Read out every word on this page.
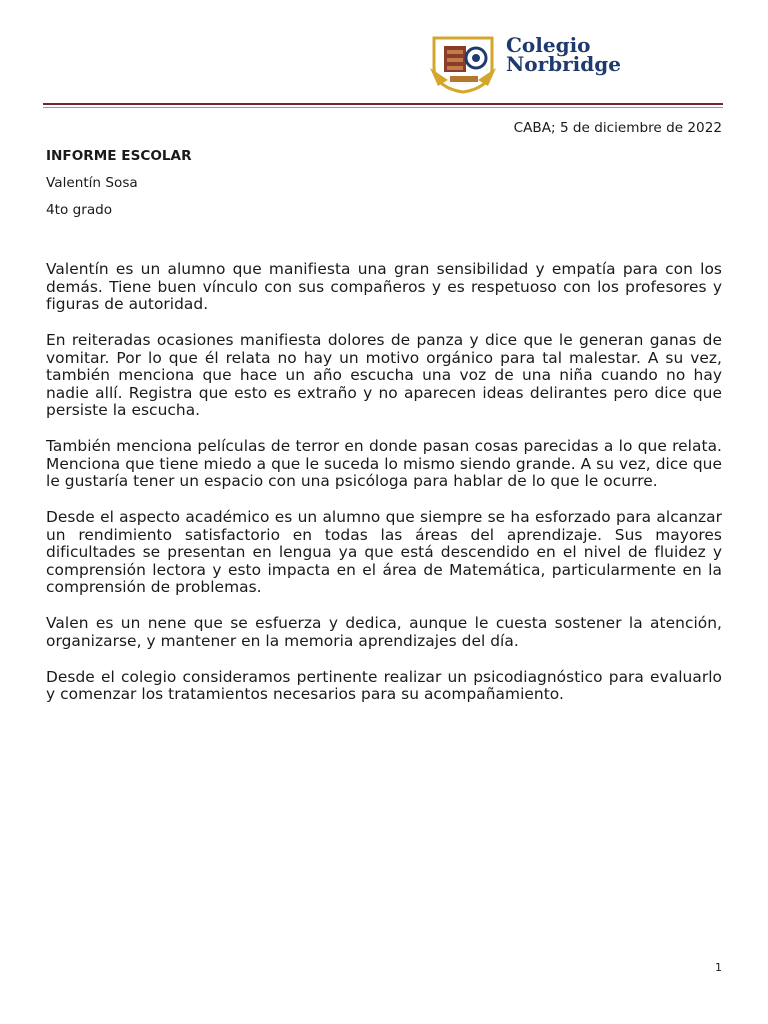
Colegio
Norbridge
CABA; 5 de diciembre de 2022
INFORME ESCOLAR
Valentín Sosa
4to grado

Valentín es un alumno que manifiesta una gran sensibilidad y empatía para con los demás. Tiene buen vínculo con sus compañeros y es respetuoso con los profesores y figuras de autoridad.

En reiteradas ocasiones manifiesta dolores de panza y dice que le generan ganas de vomitar. Por lo que él relata no hay un motivo orgánico para tal malestar. A su vez, también menciona que hace un año escucha una voz de una niña cuando no hay nadie allí. Registra que esto es extraño y no aparecen ideas delirantes pero dice que persiste la escucha.

También menciona películas de terror en donde pasan cosas parecidas a lo que relata. Menciona que tiene miedo a que le suceda lo mismo siendo grande. A su vez, dice que le gustaría tener un espacio con una psicóloga para hablar de lo que le ocurre.

Desde el aspecto académico es un alumno que siempre se ha esforzado para alcanzar un rendimiento satisfactorio en todas las áreas del aprendizaje. Sus mayores dificultades se presentan en lengua ya que está descendido en el nivel de fluidez y comprensión lectora y esto impacta en el área de Matemática, particularmente en la comprensión de problemas.

Valen es un nene que se esfuerza y dedica, aunque le cuesta sostener la atención, organizarse, y mantener en la memoria aprendizajes del día.

Desde el colegio consideramos pertinente realizar un psicodiagnóstico para evaluarlo y comenzar los tratamientos necesarios para su acompañamiento.

1
